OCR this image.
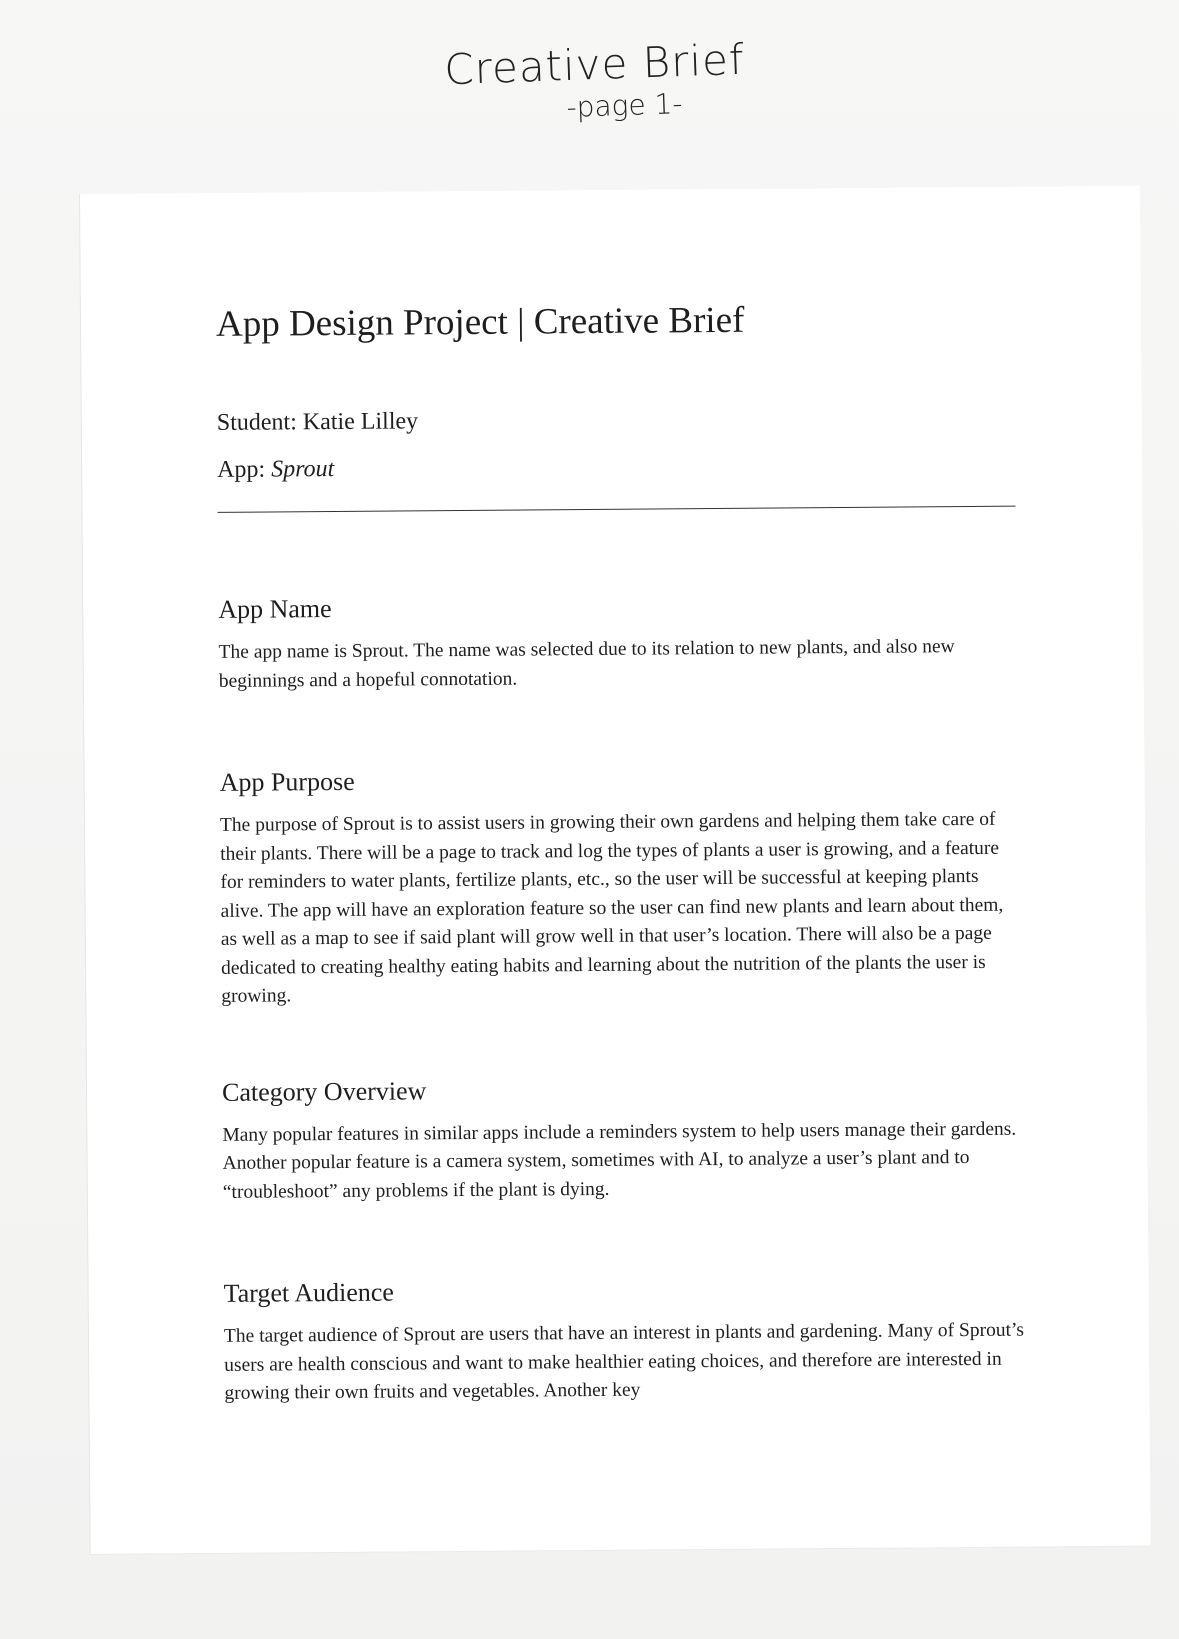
Creative Brief
-page 1-
App Design Project | Creative Brief

Student: Katie Lilley

App: Sprout

App Name

The app name is Sprout. The name was selected due to its relation to new plants, and also new beginnings and a hopeful connotation.

App Purpose

The purpose of Sprout is to assist users in growing their own gardens and helping them take care of their plants. There will be a page to track and log the types of plants a user is growing, and a feature for reminders to water plants, fertilize plants, etc., so the user will be successful at keeping plants alive. The app will have an exploration feature so the user can find new plants and learn about them, as well as a map to see if said plant will grow well in that user’s location. There will also be a page dedicated to creating healthy eating habits and learning about the nutrition of the plants the user is growing.

Category Overview

Many popular features in similar apps include a reminders system to help users manage their gardens. Another popular feature is a camera system, sometimes with AI, to analyze a user’s plant and to “troubleshoot” any problems if the plant is dying.

Target Audience

The target audience of Sprout are users that have an interest in plants and gardening. Many of Sprout’s users are health conscious and want to make healthier eating choices, and therefore are interested in growing their own fruits and vegetables. Another key
